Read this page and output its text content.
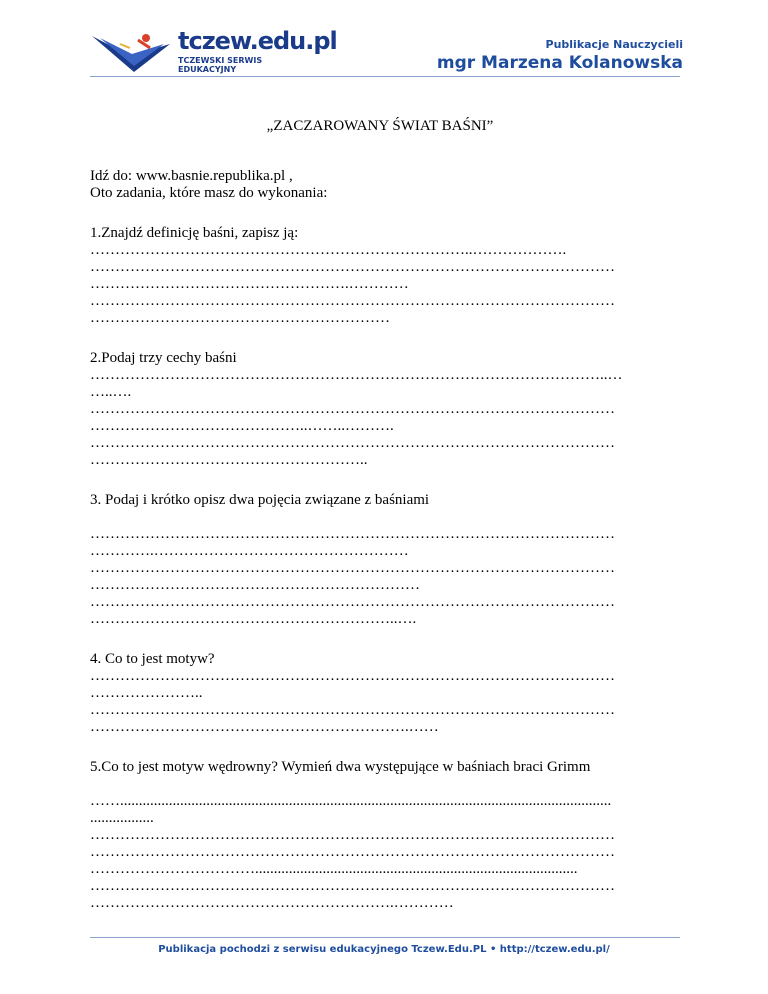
tczew.edu.pl
TCZEWSKI SERWIS EDUKACYJNY
Publikacje Nauczycieli
mgr Marzena Kolanowska
„ZACZAROWANY ŚWIAT BAŚNI”
Idź do: www.basnie.republika.pl ,
Oto zadania, które masz do wykonania:
1.Znajdź definicję baśni, zapisz ją:
…………………………………………………………………..……………….
……………………………………………………………………………………………
…………………………………………….…………
……………………………………………………………………………………………
……………………………………………………
2.Podaj trzy cechy baśni
…………………………………………………………………………………………..…
…..….
……………………………………………………………………………………………
……………………………………..……..……….
……………………………………………………………………………………………
………………………………………………..
3. Podaj i krótko opisz dwa pojęcia związane z baśniami
……………………………………………………………………………………………
………….……………………………………………
……………………………………………………………………………………………
…………………………………………………………
……………………………………………………………………………………………
……………………………………………………..….
4. Co to jest motyw?
……………………………………………………………………………………………
…………………..
……………………………………………………………………………………………
……………………………………………………….……
5.Co to jest motyw wędrowny? Wymień dwa występujące w baśniach braci Grimm
……...................................................................................................................................
.................
……………………………………………………………………………………………
……………………………………………………………………………………………
……………………………......................................................................................
……………………………………………………………………………………………
…………………………………………………….…………
Publikacja pochodzi z serwisu edukacyjnego Tczew.Edu.PL • http://tczew.edu.pl/
